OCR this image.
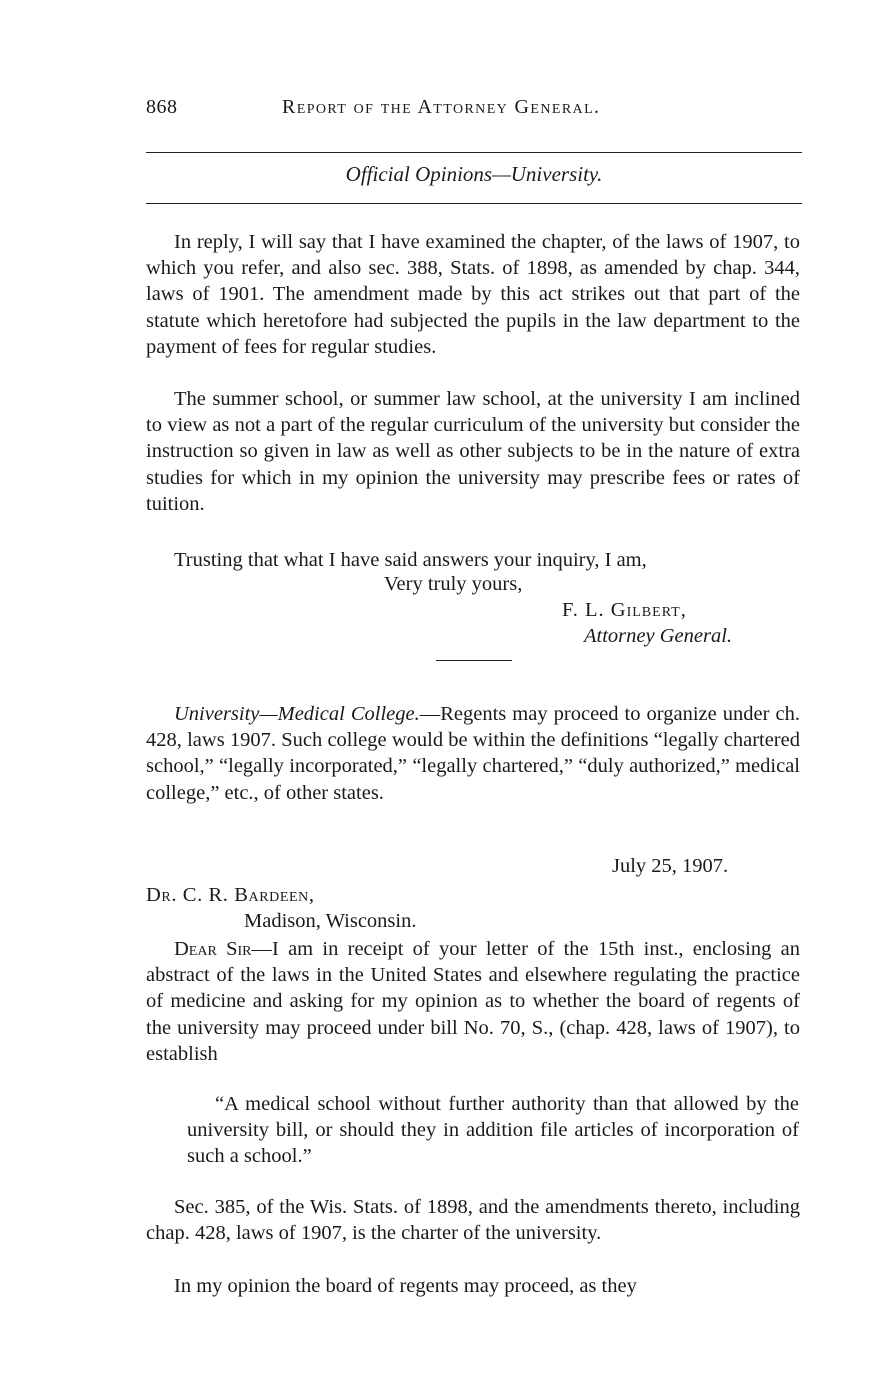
868	Report of the Attorney General.
Official Opinions—University.

In reply, I will say that I have examined the chapter, of the laws of 1907, to which you refer, and also sec. 388, Stats. of 1898, as amended by chap. 344, laws of 1901. The amendment made by this act strikes out that part of the statute which heretofore had subjected the pupils in the law department to the payment of fees for regular studies.

The summer school, or summer law school, at the university I am inclined to view as not a part of the regular curriculum of the university but consider the instruction so given in law as well as other subjects to be in the nature of extra studies for which in my opinion the university may prescribe fees or rates of tuition.

Trusting that what I have said answers your inquiry, I am,

Very truly yours,
F. L. Gilbert,
Attorney General.

University—Medical College.—Regents may proceed to organize under ch. 428, laws 1907. Such college would be within the definitions “legally chartered school,” “legally incorporated,” “legally chartered,” “duly authorized,” medical college,” etc., of other states.

July 25, 1907.
Dr. C. R. Bardeen,
Madison, Wisconsin.

Dear Sir—I am in receipt of your letter of the 15th inst., enclosing an abstract of the laws in the United States and elsewhere regulating the practice of medicine and asking for my opinion as to whether the board of regents of the university may proceed under bill No. 70, S., (chap. 428, laws of 1907), to establish

“A medical school without further authority than that allowed by the university bill, or should they in addition file articles of incorporation of such a school.”

Sec. 385, of the Wis. Stats. of 1898, and the amendments thereto, including chap. 428, laws of 1907, is the charter of the university.

In my opinion the board of regents may proceed, as they
